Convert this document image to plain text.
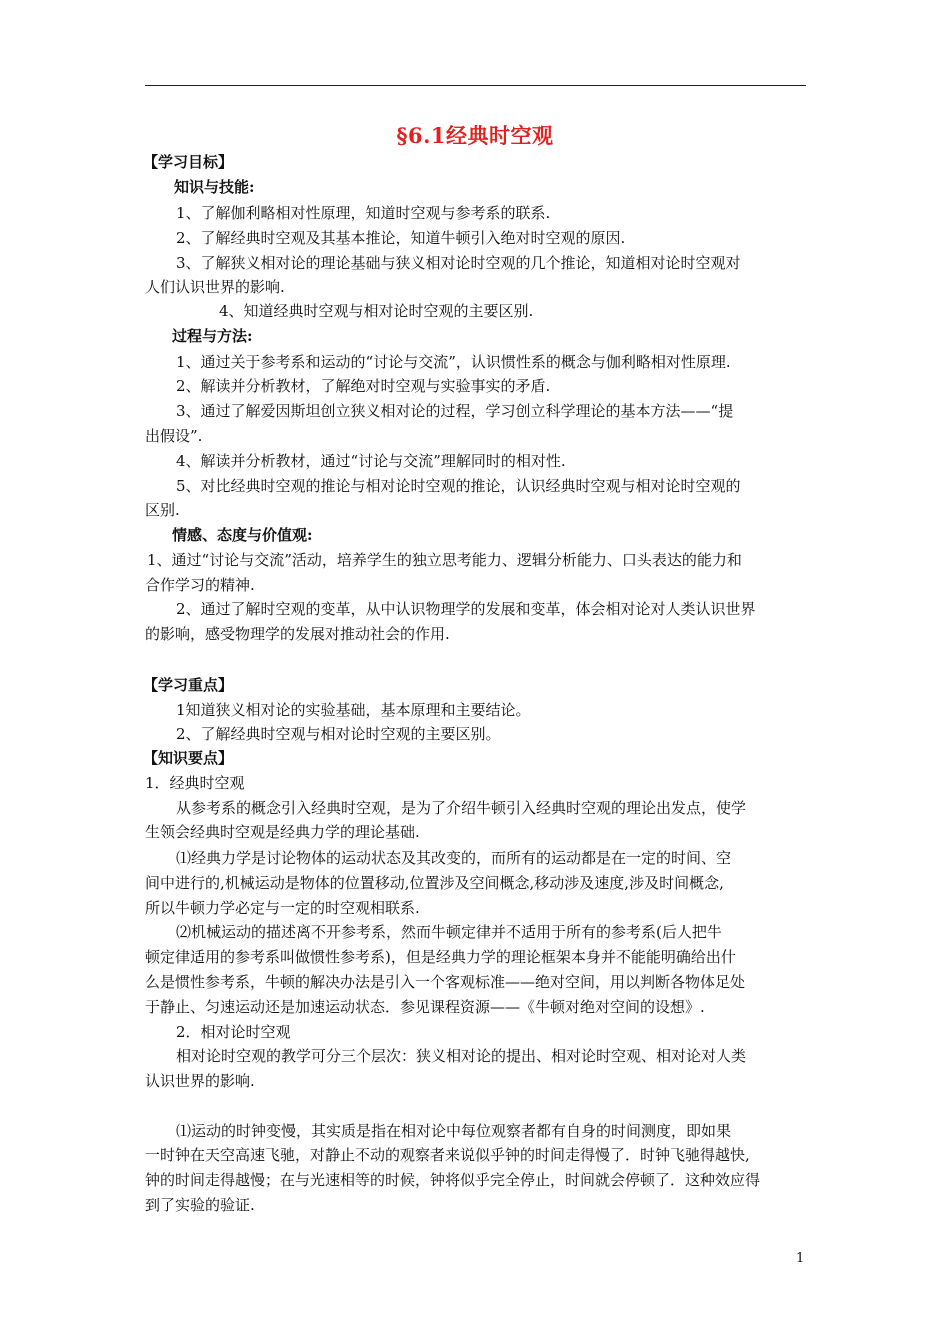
§6.1经典时空观
【学习目标】
知识与技能:
1、了解伽利略相对性原理，知道时空观与参考系的联系.
2、了解经典时空观及其基本推论，知道牛顿引入绝对时空观的原因.
3、了解狭义相对论的理论基础与狭义相对论时空观的几个推论，知道相对论时空观对
人们认识世界的影响.
4、知道经典时空观与相对论时空观的主要区别.
过程与方法:
1、通过关于参考系和运动的“讨论与交流”，认识惯性系的概念与伽利略相对性原理.
2、解读并分析教材，了解绝对时空观与实验事实的矛盾.
3、通过了解爱因斯坦创立狭义相对论的过程，学习创立科学理论的基本方法——“提
出假设”.
4、解读并分析教材，通过“讨论与交流”理解同时的相对性.
5、对比经典时空观的推论与相对论时空观的推论，认识经典时空观与相对论时空观的
区别.
情感、态度与价值观:
1、通过“讨论与交流”活动，培养学生的独立思考能力、逻辑分析能力、口头表达的能力和
合作学习的精神.
2、通过了解时空观的变革，从中认识物理学的发展和变革，体会相对论对人类认识世界
的影响，感受物理学的发展对推动社会的作用.
【学习重点】
1知道狭义相对论的实验基础，基本原理和主要结论。
2、了解经典时空观与相对论时空观的主要区别。
【知识要点】
1．经典时空观
从参考系的概念引入经典时空观，是为了介绍牛顿引入经典时空观的理论出发点，使学
生领会经典时空观是经典力学的理论基础.
⑴经典力学是讨论物体的运动状态及其改变的，而所有的运动都是在一定的时间、空
间中进行的,机械运动是物体的位置移动,位置涉及空间概念,移动涉及速度,涉及时间概念,
所以牛顿力学必定与一定的时空观相联系.
⑵机械运动的描述离不开参考系，然而牛顿定律并不适用于所有的参考系(后人把牛
顿定律适用的参考系叫做惯性参考系)，但是经典力学的理论框架本身并不能能明确给出什
么是惯性参考系，牛顿的解决办法是引入一个客观标准——绝对空间，用以判断各物体足处
于静止、匀速运动还是加速运动状态．参见课程资源——《牛顿对绝对空间的设想》.
2．相对论时空观
相对论时空观的教学可分三个层次：狭义相对论的提出、相对论时空观、相对论对人类
认识世界的影响.
⑴运动的时钟变慢，其实质是指在相对论中每位观察者都有自身的时间测度，即如果
一时钟在天空高速飞驰，对静止不动的观察者来说似乎钟的时间走得慢了．时钟飞驰得越快,
钟的时间走得越慢；在与光速相等的时候，钟将似乎完全停止，时间就会停顿了．这种效应得
到了实验的验证.
1
